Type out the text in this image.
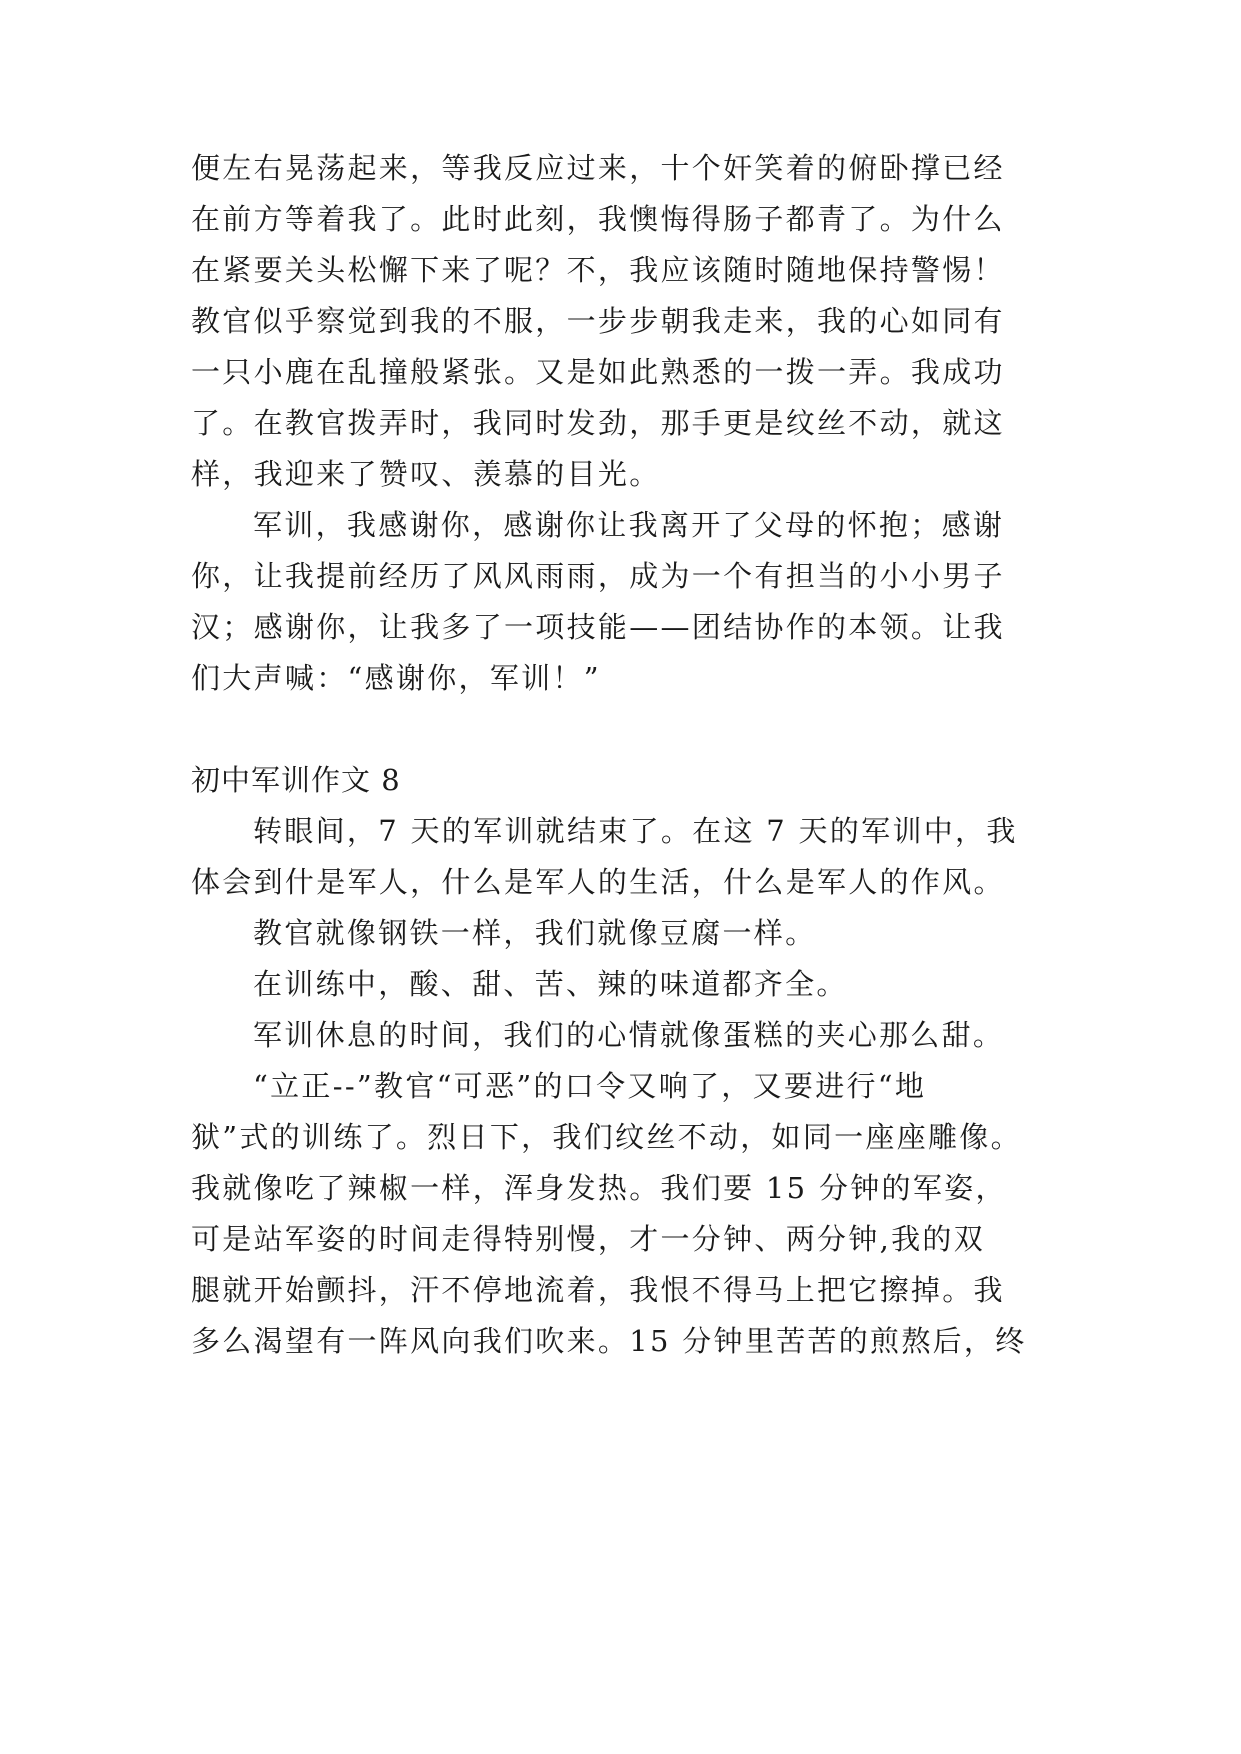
便左右晃荡起来，等我反应过来，十个奸笑着的俯卧撑已经
在前方等着我了。此时此刻，我懊悔得肠子都青了。为什么
在紧要关头松懈下来了呢？不，我应该随时随地保持警惕！
教官似乎察觉到我的不服，一步步朝我走来，我的心如同有
一只小鹿在乱撞般紧张。又是如此熟悉的一拨一弄。我成功
了。在教官拨弄时，我同时发劲，那手更是纹丝不动，就这
样，我迎来了赞叹、羡慕的目光。
军训，我感谢你，感谢你让我离开了父母的怀抱；感谢
你，让我提前经历了风风雨雨，成为一个有担当的小小男子
汉；感谢你，让我多了一项技能——团结协作的本领。让我
们大声喊：“感谢你，军训！”
初中军训作文 8
转眼间，7 天的军训就结束了。在这 7 天的军训中，我
体会到什是军人，什么是军人的生活，什么是军人的作风。
教官就像钢铁一样，我们就像豆腐一样。
在训练中，酸、甜、苦、辣的味道都齐全。
军训休息的时间，我们的心情就像蛋糕的夹心那么甜。
“立正--”教官“可恶”的口令又响了，又要进行“地
狱”式的训练了。烈日下，我们纹丝不动，如同一座座雕像。
我就像吃了辣椒一样，浑身发热。我们要 15 分钟的军姿，
可是站军姿的时间走得特别慢，才一分钟、两分钟,我的双
腿就开始颤抖，汗不停地流着，我恨不得马上把它擦掉。我
多么渴望有一阵风向我们吹来。15 分钟里苦苦的煎熬后，终
